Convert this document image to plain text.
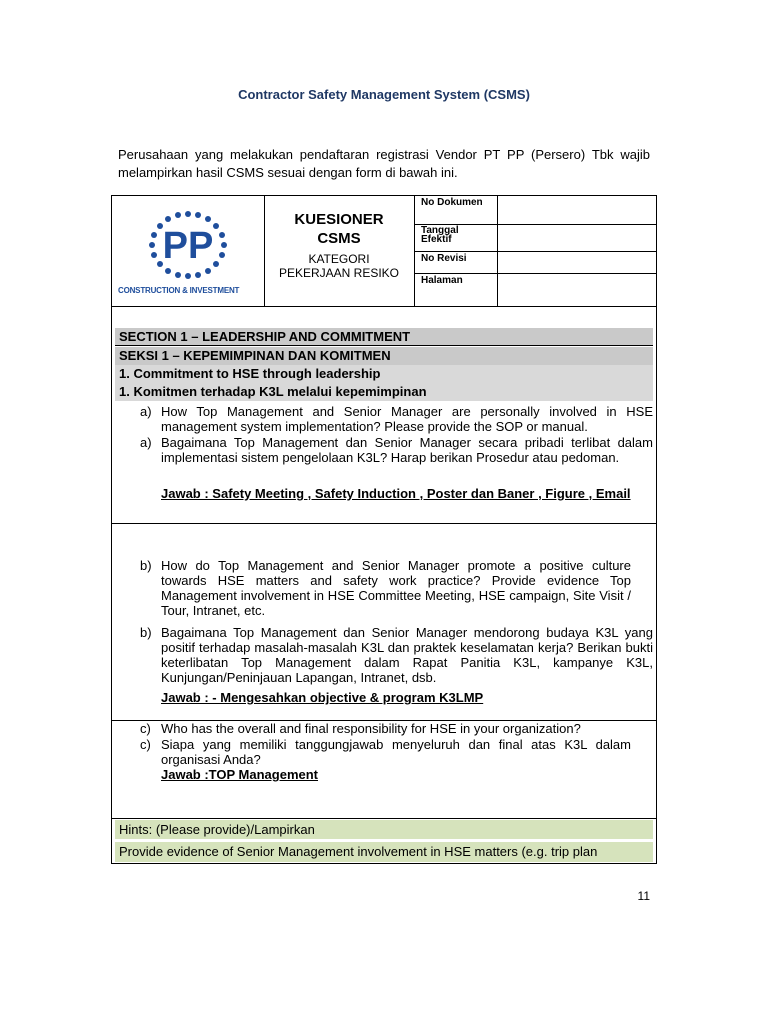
Contractor Safety Management System (CSMS)
Perusahaan yang melakukan pendaftaran registrasi Vendor PT PP (Persero) Tbk wajib melampirkan hasil CSMS sesuai dengan form di bawah ini.
PP
CONSTRUCTION & INVESTMENT
KUESIONER
CSMS
KATEGORI
PEKERJAAN RESIKO
No Dokumen
Tanggal Efektif
No Revisi
Halaman
SECTION 1 – LEADERSHIP AND COMMITMENT
SEKSI 1 – KEPEMIMPINAN DAN KOMITMEN
1. Commitment to HSE through leadership
1. Komitmen terhadap K3L melalui kepemimpinan
a) How Top Management and Senior Manager are personally involved in HSE management system implementation? Please provide the SOP or manual.
a) Bagaimana Top Management dan Senior Manager secara pribadi terlibat dalam implementasi sistem pengelolaan K3L? Harap berikan Prosedur atau pedoman.
Jawab : Safety Meeting , Safety Induction , Poster dan Baner , Figure , Email
b) How do Top Management and Senior Manager promote a positive culture towards HSE matters and safety work practice? Provide evidence Top Management involvement in HSE Committee Meeting, HSE campaign, Site Visit / Tour, Intranet, etc.
b) Bagaimana Top Management dan Senior Manager mendorong budaya K3L yang positif terhadap masalah-masalah K3L dan praktek keselamatan kerja? Berikan bukti keterlibatan Top Management dalam Rapat Panitia K3L, kampanye K3L, Kunjungan/Peninjauan Lapangan, Intranet, dsb.
Jawab : - Mengesahkan objective & program K3LMP
c) Who has the overall and final responsibility for HSE in your organization?
c) Siapa yang memiliki tanggungjawab menyeluruh dan final atas K3L dalam organisasi Anda?
Jawab :TOP Management
Hints: (Please provide)/Lampirkan
Provide evidence of Senior Management involvement in HSE matters (e.g. trip plan
11
